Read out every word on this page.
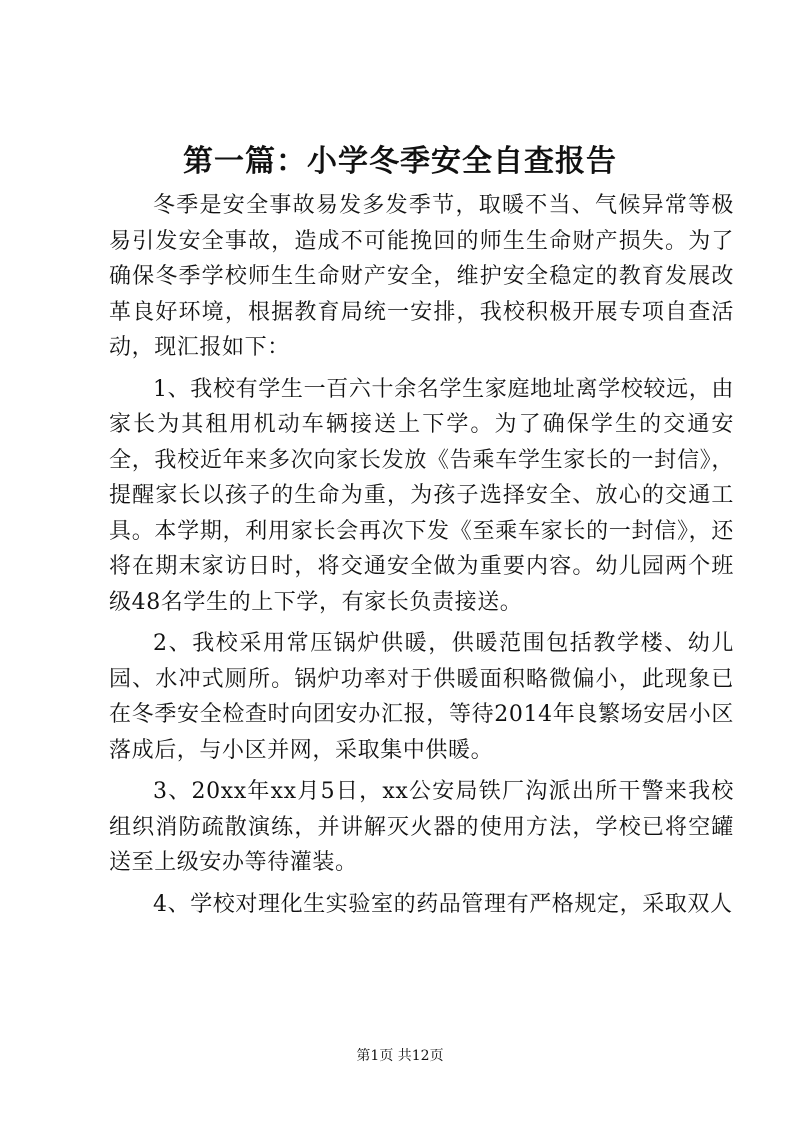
第一篇：小学冬季安全自查报告

冬季是安全事故易发多发季节，取暖不当、气候异常等极易引发安全事故，造成不可能挽回的师生生命财产损失。为了确保冬季学校师生生命财产安全，维护安全稳定的教育发展改革良好环境，根据教育局统一安排，我校积极开展专项自查活动，现汇报如下：

1、我校有学生一百六十余名学生家庭地址离学校较远，由家长为其租用机动车辆接送上下学。为了确保学生的交通安全，我校近年来多次向家长发放《告乘车学生家长的一封信》，提醒家长以孩子的生命为重，为孩子选择安全、放心的交通工具。本学期，利用家长会再次下发《至乘车家长的一封信》，还将在期末家访日时，将交通安全做为重要内容。幼儿园两个班级48名学生的上下学，有家长负责接送。

2、我校采用常压锅炉供暖，供暖范围包括教学楼、幼儿园、水冲式厕所。锅炉功率对于供暖面积略微偏小，此现象已在冬季安全检查时向团安办汇报，等待2014年良繁场安居小区落成后，与小区并网，采取集中供暖。

3、20xx年xx月5日，xx公安局铁厂沟派出所干警来我校组织消防疏散演练，并讲解灭火器的使用方法，学校已将空罐送至上级安办等待灌装。

4、学校对理化生实验室的药品管理有严格规定，采取双人

第1页 共12页
